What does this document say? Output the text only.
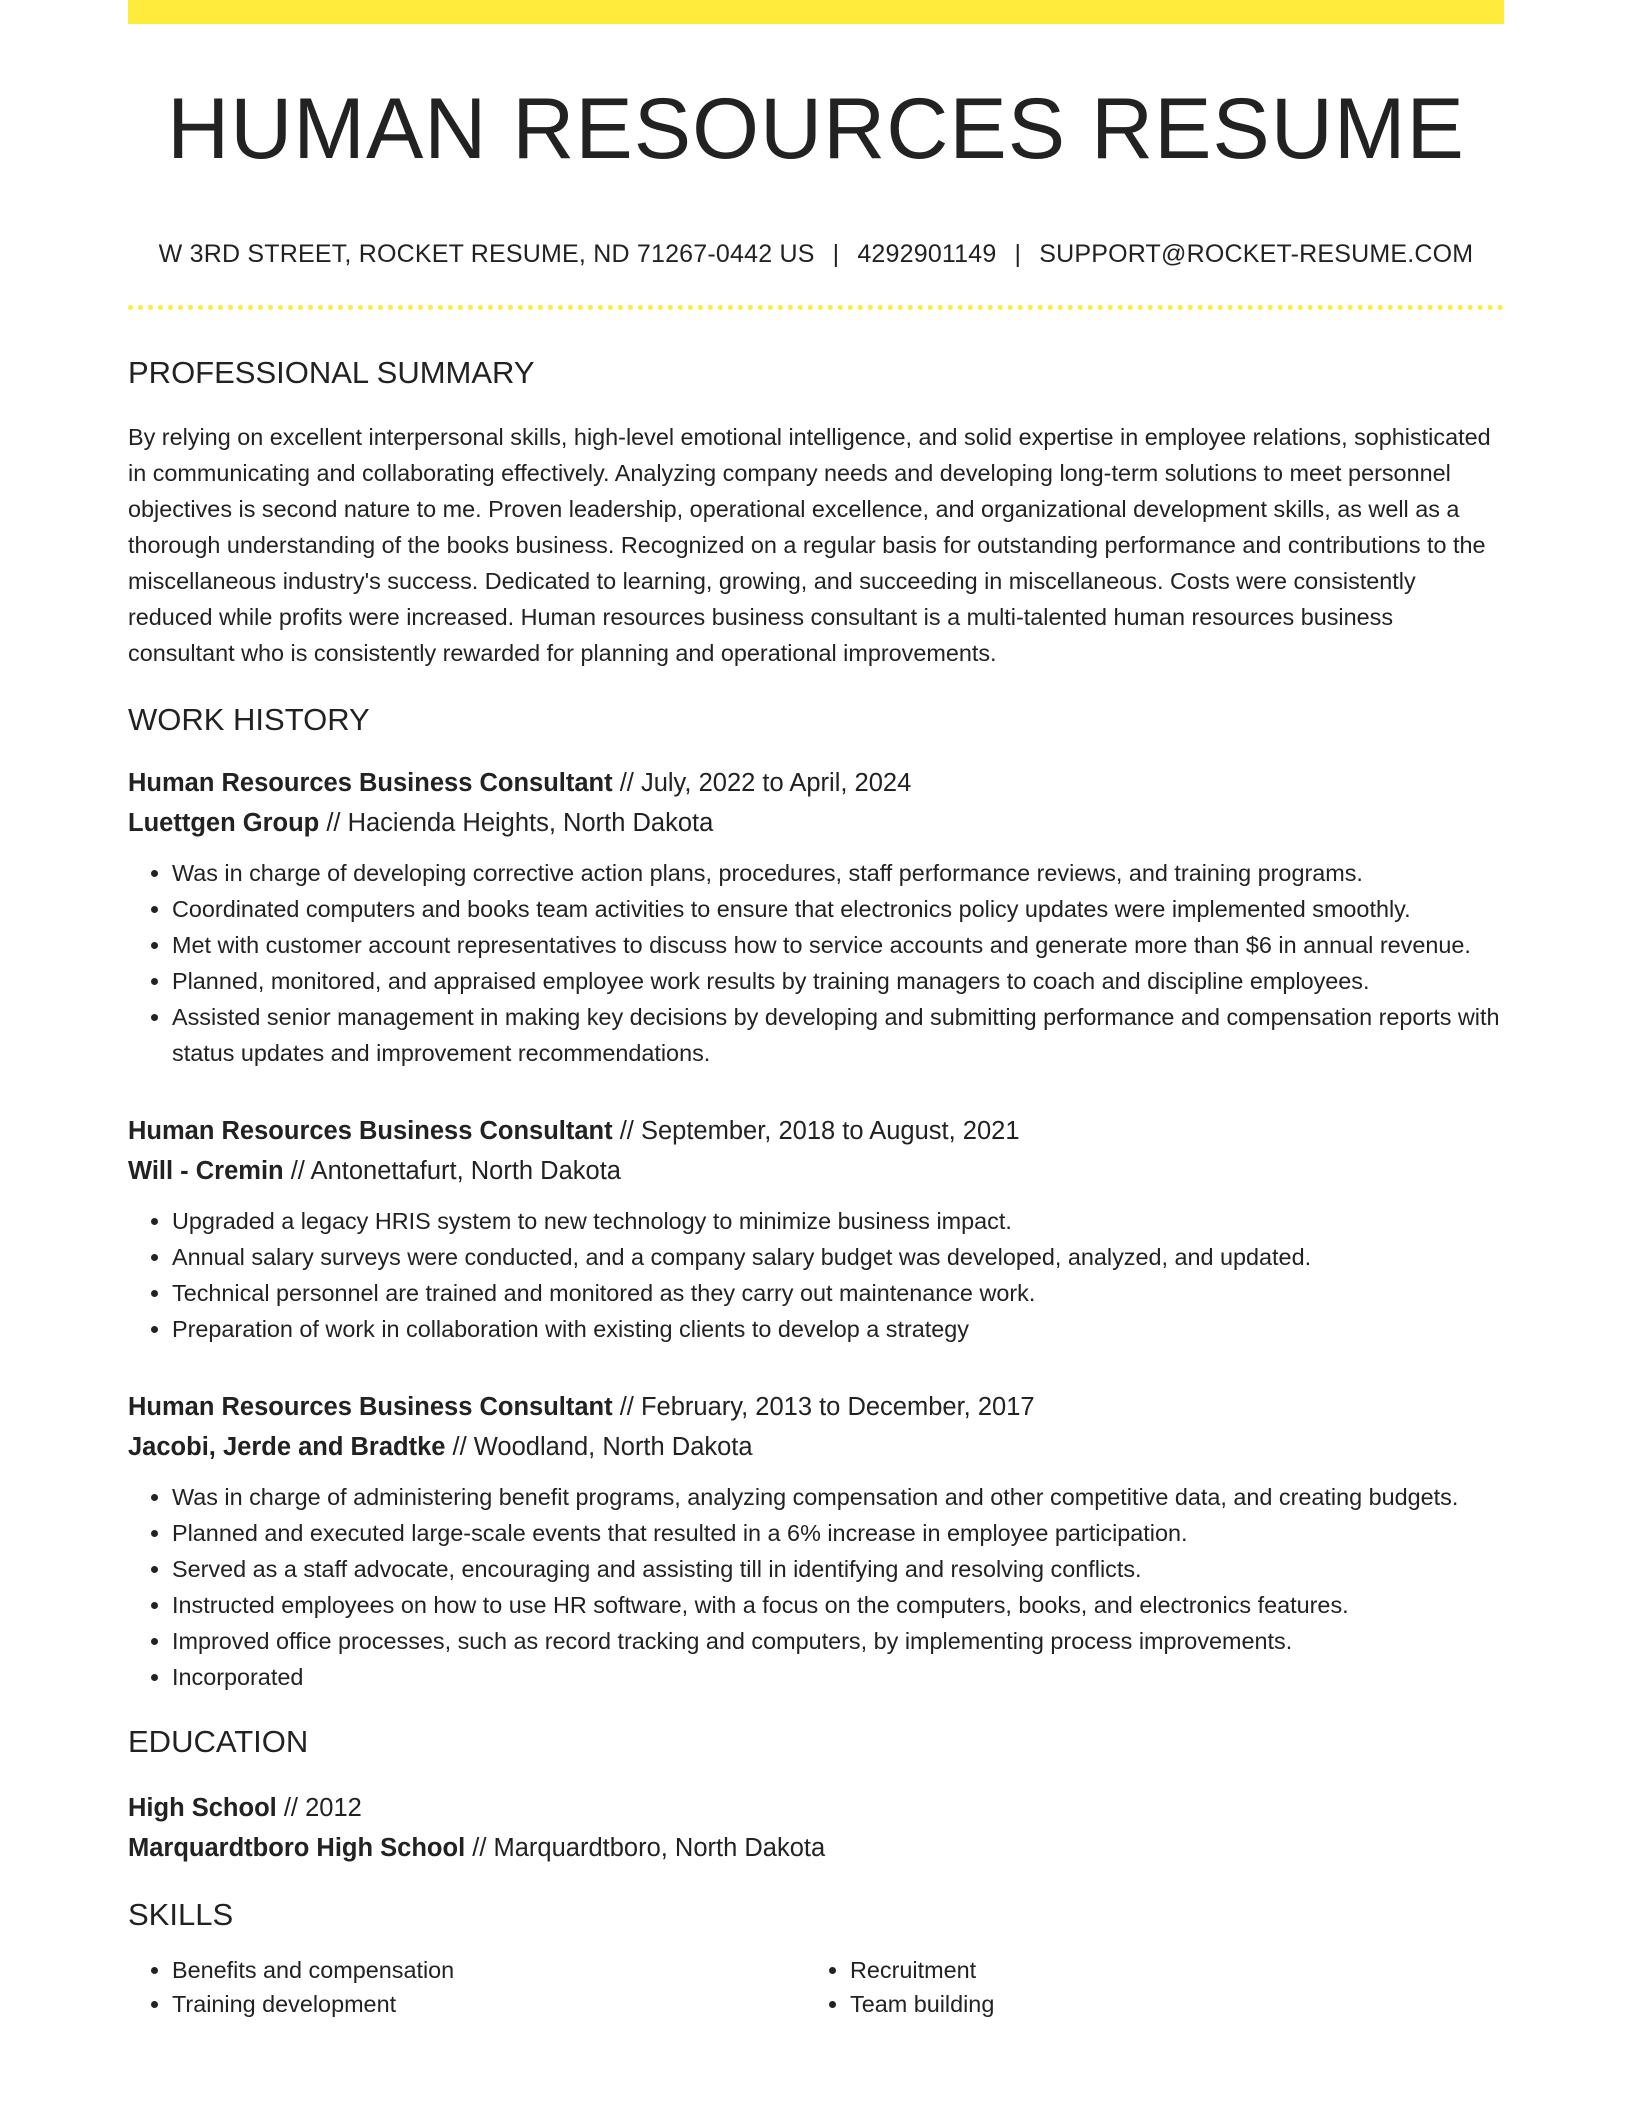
HUMAN RESOURCES RESUME
W 3RD STREET, ROCKET RESUME, ND 71267-0442 US | 4292901149 | SUPPORT@ROCKET-RESUME.COM
PROFESSIONAL SUMMARY
By relying on excellent interpersonal skills, high-level emotional intelligence, and solid expertise in employee relations, sophisticated in communicating and collaborating effectively. Analyzing company needs and developing long-term solutions to meet personnel objectives is second nature to me. Proven leadership, operational excellence, and organizational development skills, as well as a thorough understanding of the books business. Recognized on a regular basis for outstanding performance and contributions to the miscellaneous industry's success. Dedicated to learning, growing, and succeeding in miscellaneous. Costs were consistently reduced while profits were increased. Human resources business consultant is a multi-talented human resources business consultant who is consistently rewarded for planning and operational improvements.
WORK HISTORY
Human Resources Business Consultant // July, 2022 to April, 2024
Luettgen Group // Hacienda Heights, North Dakota
• Was in charge of developing corrective action plans, procedures, staff performance reviews, and training programs.
• Coordinated computers and books team activities to ensure that electronics policy updates were implemented smoothly.
• Met with customer account representatives to discuss how to service accounts and generate more than $6 in annual revenue.
• Planned, monitored, and appraised employee work results by training managers to coach and discipline employees.
• Assisted senior management in making key decisions by developing and submitting performance and compensation reports with status updates and improvement recommendations.
Human Resources Business Consultant // September, 2018 to August, 2021
Will - Cremin // Antonettafurt, North Dakota
• Upgraded a legacy HRIS system to new technology to minimize business impact.
• Annual salary surveys were conducted, and a company salary budget was developed, analyzed, and updated.
• Technical personnel are trained and monitored as they carry out maintenance work.
• Preparation of work in collaboration with existing clients to develop a strategy
Human Resources Business Consultant // February, 2013 to December, 2017
Jacobi, Jerde and Bradtke // Woodland, North Dakota
• Was in charge of administering benefit programs, analyzing compensation and other competitive data, and creating budgets.
• Planned and executed large-scale events that resulted in a 6% increase in employee participation.
• Served as a staff advocate, encouraging and assisting till in identifying and resolving conflicts.
• Instructed employees on how to use HR software, with a focus on the computers, books, and electronics features.
• Improved office processes, such as record tracking and computers, by implementing process improvements.
• Incorporated
EDUCATION
High School // 2012
Marquardtboro High School // Marquardtboro, North Dakota
SKILLS
• Benefits and compensation
• Training development
• Recruitment
• Team building
